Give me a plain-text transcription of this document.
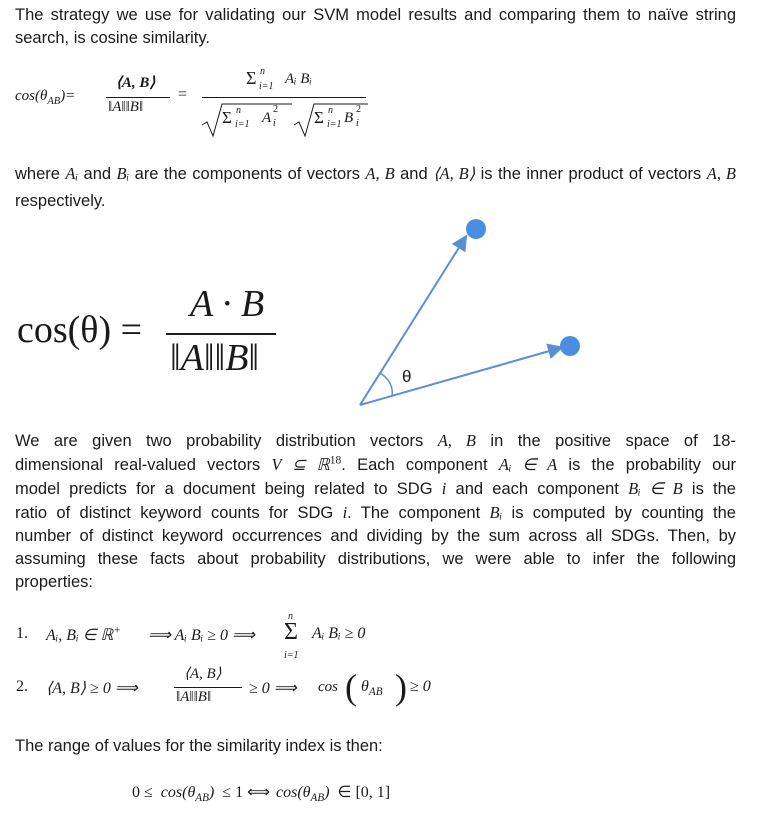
The strategy we use for validating our SVM model results and comparing them to naïve string search, is cosine similarity.

$\cos(\theta_{AB})=$
⟨A, B⟩
‖A‖‖B‖
=
Σ n
i=1 Aᵢ Bᵢ
Σ n
i=1 A
2
i Σ n
i=1 B
2
i

where Aᵢ and Bᵢ are the components of vectors A, B and ⟨A, B⟩ is the inner product of vectors A, B respectively.

cos(θ) =
A · B
‖A‖‖B‖	θ
We are given two probability distribution vectors A, B in the positive space of 18-
dimensional real-valued vectors V ⊆ ℝ$^{18}$. Each component Aᵢ ∈ A is the probability our
model predicts for a document being related to SDG i and each component Bᵢ ∈ B is the
ratio of distinct keyword counts for SDG i. The component Bᵢ is computed by counting the
number of distinct keyword occurrences and dividing by the sum across all SDGs. Then, by
assuming these facts about probability distributions, we were able to infer the following
properties:
1. Aᵢ, Bᵢ ∈ ℝ+ ⟹ Aᵢ Bᵢ ≥ 0 ⟹
n
Σ
i=1
Aᵢ Bᵢ ≥ 0
2. ⟨A, B⟩ ≥ 0 ⟹
⟨A, B⟩
‖A‖‖B‖ ≥ 0 ⟹ cos ( $\theta_{AB}$ ) ≥ 0

The range of values for the similarity index is then:

$0 \le \cos(\theta_{AB}) \le 1$ ⟺ $\cos(\theta_{AB})$ ∈ [0, 1]
